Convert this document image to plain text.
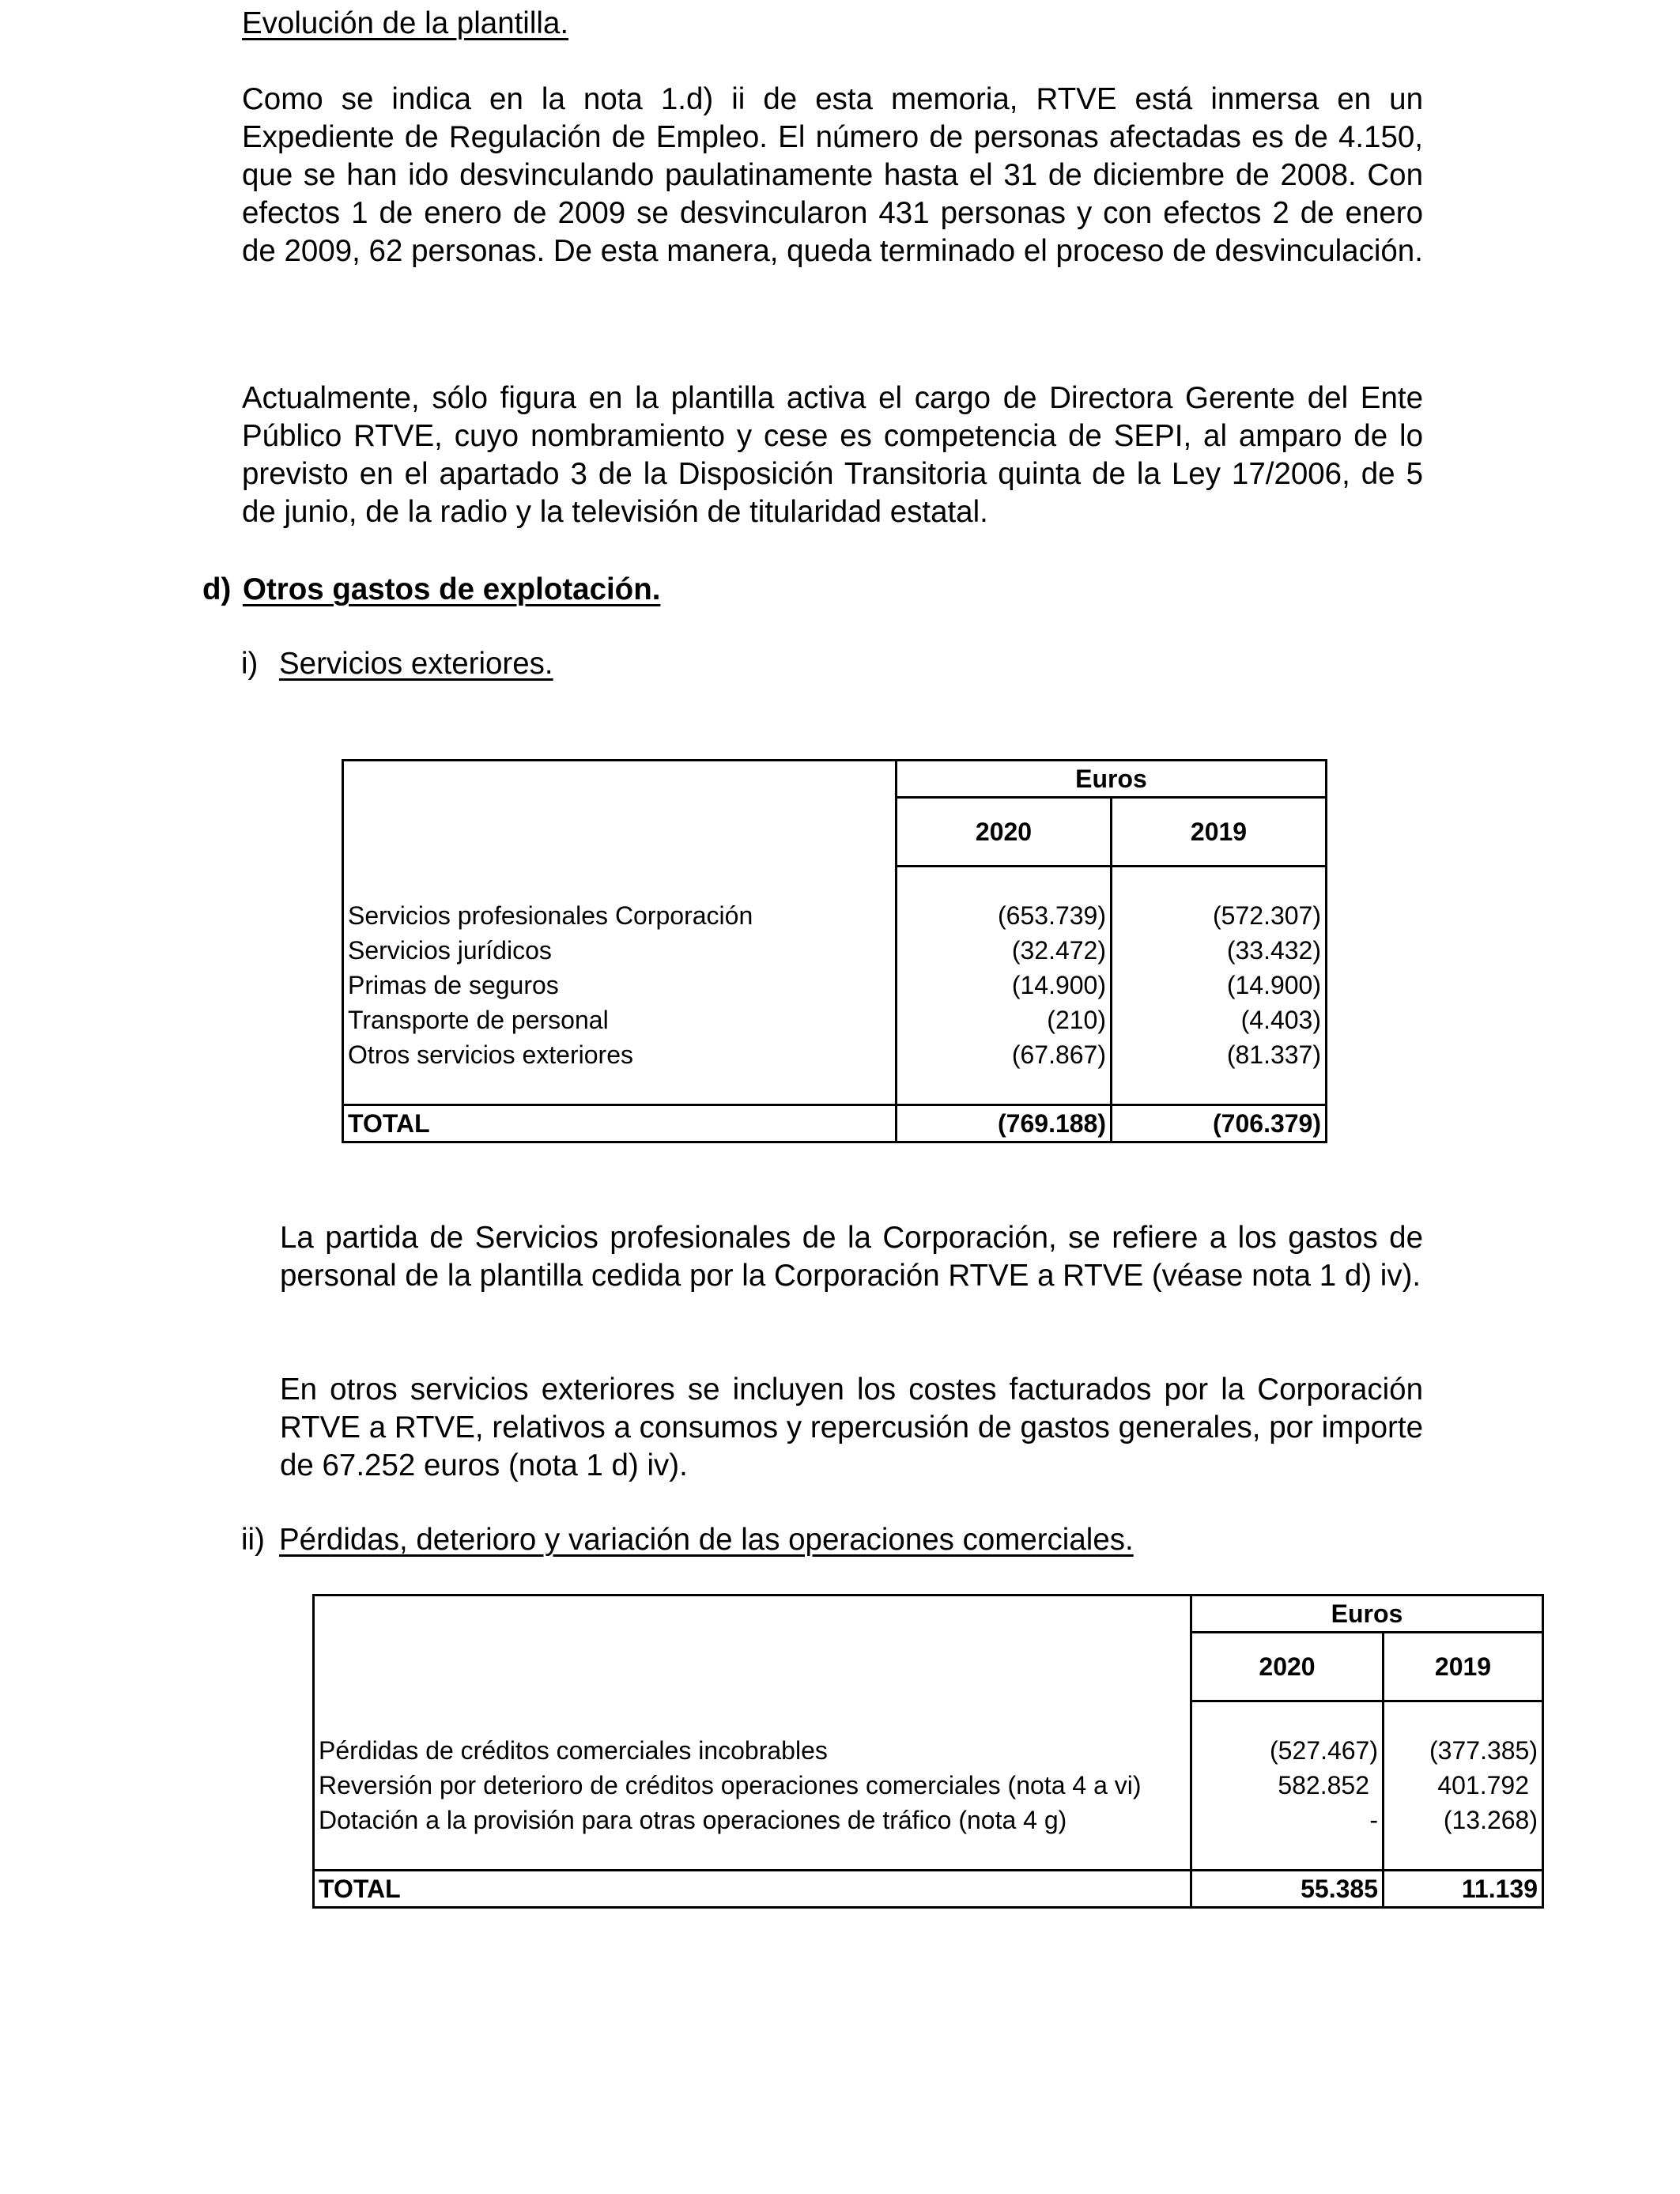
Evolución de la plantilla.
Como se indica en la nota 1.d) ii de esta memoria, RTVE está inmersa en un Expediente de Regulación de Empleo. El número de personas afectadas es de 4.150, que se han ido desvinculando paulatinamente hasta el 31 de diciembre de 2008. Con efectos 1 de enero de 2009 se desvincularon 431 personas y con efectos 2 de enero de 2009, 62 personas. De esta manera, queda terminado el proceso de desvinculación.
Actualmente, sólo figura en la plantilla activa el cargo de Directora Gerente del Ente Público RTVE, cuyo nombramiento y cese es competencia de SEPI, al amparo de lo previsto en el apartado 3 de la Disposición Transitoria quinta de la Ley 17/2006, de 5 de junio, de la radio y la televisión de titularidad estatal.
d) Otros gastos de explotación.
i) Servicios exteriores.
	Euros	
	2020	2019

Servicios profesionales Corporación	(653.739)	(572.307)
Servicios jurídicos	(32.472)	(33.432)
Primas de seguros	(14.900)	(14.900)
Transporte de personal	(210)	(4.403)
Otros servicios exteriores	(67.867)	(81.337)

TOTAL	(769.188)	(706.379)
La partida de Servicios profesionales de la Corporación, se refiere a los gastos de personal de la plantilla cedida por la Corporación RTVE a RTVE (véase nota 1 d) iv).
En otros servicios exteriores se incluyen los costes facturados por la Corporación RTVE a RTVE, relativos a consumos y repercusión de gastos generales, por importe de 67.252 euros (nota 1 d) iv).
ii) Pérdidas, deterioro y variación de las operaciones comerciales.
	Euros	
	2020	2019

Pérdidas de créditos comerciales incobrables	(527.467)	(377.385)
Reversión por deterioro de créditos operaciones comerciales (nota 4 a vi)	582.852	401.792
Dotación a la provisión para otras operaciones de tráfico (nota 4 g)	-	(13.268)

TOTAL	55.385	11.139
